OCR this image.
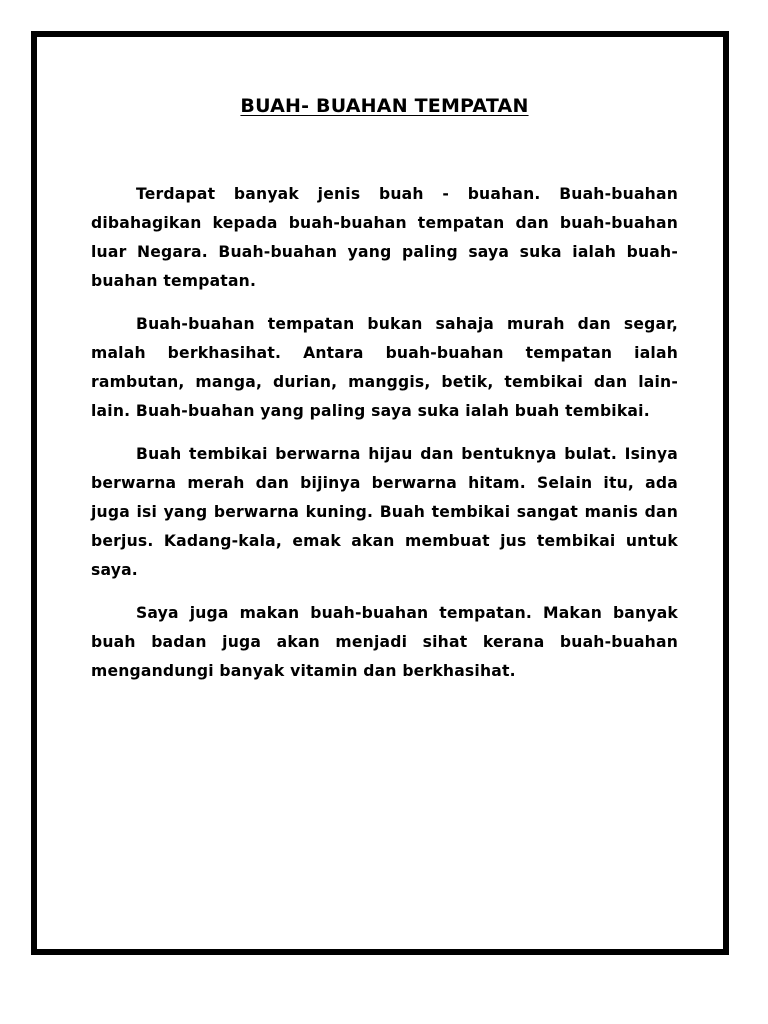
BUAH- BUAHAN TEMPATAN

Terdapat banyak jenis buah - buahan. Buah-buahan dibahagikan kepada buah-buahan tempatan dan buah-buahan luar Negara. Buah-buahan yang paling saya suka ialah buah-buahan tempatan.

Buah-buahan tempatan bukan sahaja murah dan segar, malah berkhasihat. Antara buah-buahan tempatan ialah rambutan, manga, durian, manggis, betik, tembikai dan lain-lain. Buah-buahan yang paling saya suka ialah buah tembikai.

Buah tembikai berwarna hijau dan bentuknya bulat. Isinya berwarna merah dan bijinya berwarna hitam. Selain itu, ada juga isi yang berwarna kuning. Buah tembikai sangat manis dan berjus. Kadang-kala, emak akan membuat jus tembikai untuk saya.

Saya juga makan buah-buahan tempatan. Makan banyak buah badan juga akan menjadi sihat kerana buah-buahan mengandungi banyak vitamin dan berkhasihat.
